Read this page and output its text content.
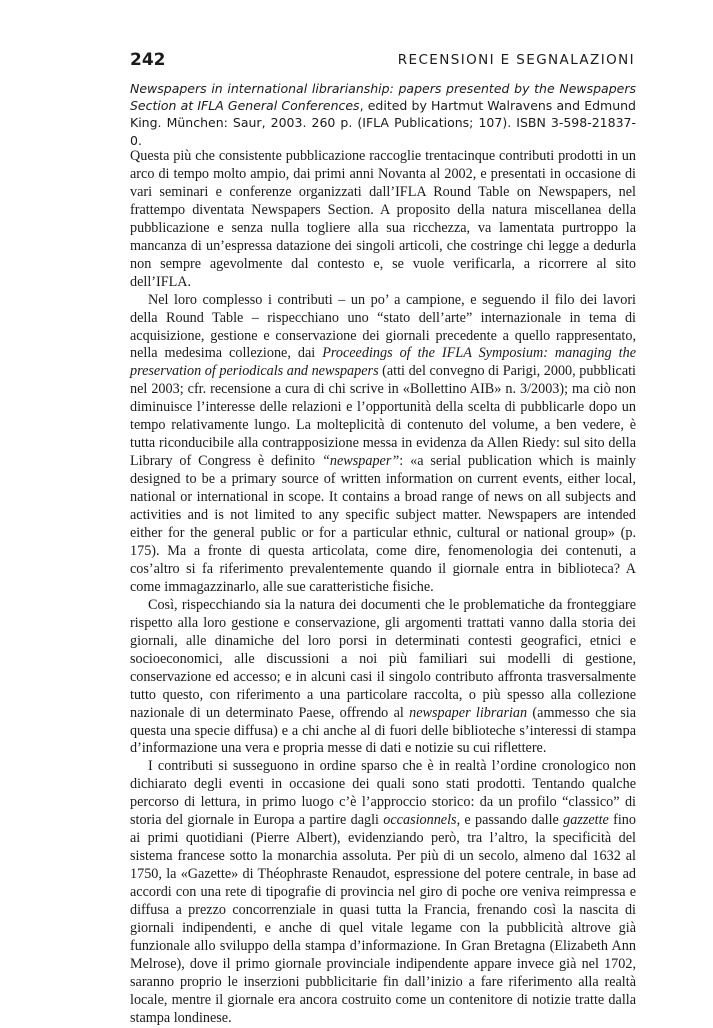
242	RECENSIONI E SEGNALAZIONI
Newspapers in international librarianship: papers presented by the Newspapers Section at IFLA General Conferences, edited by Hartmut Walravens and Edmund King. München: Saur, 2003. 260 p. (IFLA Publications; 107). ISBN 3-598-21837-0.

Questa più che consistente pubblicazione raccoglie trentacinque contributi prodotti in un arco di tempo molto ampio, dai primi anni Novanta al 2002, e presentati in occasione di vari seminari e conferenze organizzati dall’IFLA Round Table on Newspapers, nel frattempo diventata Newspapers Section. A proposito della natura miscellanea della pubblicazione e senza nulla togliere alla sua ricchezza, va lamentata purtroppo la mancanza di un’espressa datazione dei singoli articoli, che costringe chi legge a dedurla non sempre agevolmente dal contesto e, se vuole verificarla, a ricorrere al sito dell’IFLA.

Nel loro complesso i contributi – un po’ a campione, e seguendo il filo dei lavori della Round Table – rispecchiano uno “stato dell’arte” internazionale in tema di acquisizione, gestione e conservazione dei giornali precedente a quello rappresentato, nella medesima collezione, dai Proceedings of the IFLA Symposium: managing the preservation of periodicals and newspapers (atti del convegno di Parigi, 2000, pubblicati nel 2003; cfr. recensione a cura di chi scrive in «Bollettino AIB» n. 3/2003); ma ciò non diminuisce l’interesse delle relazioni e l’opportunità della scelta di pubblicarle dopo un tempo relativamente lungo. La molteplicità di contenuto del volume, a ben vedere, è tutta riconducibile alla contrapposizione messa in evidenza da Allen Riedy: sul sito della Library of Congress è definito “newspaper”: «a serial publication which is mainly designed to be a primary source of written information on current events, either local, national or international in scope. It contains a broad range of news on all subjects and activities and is not limited to any specific subject matter. Newspapers are intended either for the general public or for a particular ethnic, cultural or national group» (p. 175). Ma a fronte di questa articolata, come dire, fenomenologia dei contenuti, a cos’altro si fa riferimento prevalentemente quando il giornale entra in biblioteca? A come immagazzinarlo, alle sue caratteristiche fisiche.

Così, rispecchiando sia la natura dei documenti che le problematiche da fronteggiare rispetto alla loro gestione e conservazione, gli argomenti trattati vanno dalla storia dei giornali, alle dinamiche del loro porsi in determinati contesti geografici, etnici e socioeconomici, alle discussioni a noi più familiari sui modelli di gestione, conservazione ed accesso; e in alcuni casi il singolo contributo affronta trasversalmente tutto questo, con riferimento a una particolare raccolta, o più spesso alla collezione nazionale di un determinato Paese, offrendo al newspaper librarian (ammesso che sia questa una specie diffusa) e a chi anche al di fuori delle biblioteche s’interessi di stampa d’informazione una vera e propria messe di dati e notizie su cui riflettere.

I contributi si susseguono in ordine sparso che è in realtà l’ordine cronologico non dichiarato degli eventi in occasione dei quali sono stati prodotti. Tentando qualche percorso di lettura, in primo luogo c’è l’approccio storico: da un profilo “classico” di storia del giornale in Europa a partire dagli occasionnels, e passando dalle gazzette fino ai primi quotidiani (Pierre Albert), evidenziando però, tra l’altro, la specificità del sistema francese sotto la monarchia assoluta. Per più di un secolo, almeno dal 1632 al 1750, la «Gazette» di Théophraste Renaudot, espressione del potere centrale, in base ad accordi con una rete di tipografie di provincia nel giro di poche ore veniva reimpressa e diffusa a prezzo concorrenziale in quasi tutta la Francia, frenando così la nascita di giornali indipendenti, e anche di quel vitale legame con la pubblicità altrove già funzionale allo sviluppo della stampa d’informazione. In Gran Bretagna (Elizabeth Ann Melrose), dove il primo giornale provinciale indipendente appare invece già nel 1702, saranno proprio le inserzioni pubblicitarie fin dall’inizio a fare riferimento alla realtà locale, mentre il giornale era ancora costruito come un contenitore di notizie tratte dalla stampa londinese.
